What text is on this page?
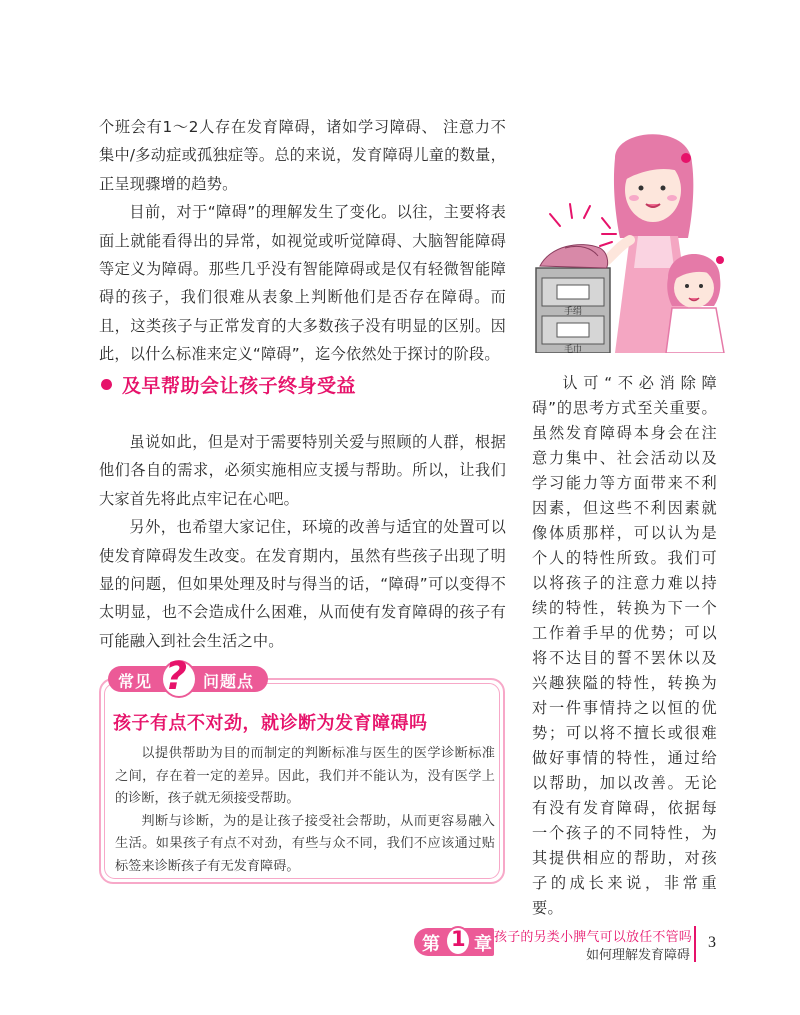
个班会有1～2人存在发育障碍，诸如学习障碍、 注意力不集中/多动症或孤独症等。总的来说，发育障碍儿童的数量，正呈现骤增的趋势。

目前，对于“障碍”的理解发生了变化。以往，主要将表面上就能看得出的异常，如视觉或听觉障碍、大脑智能障碍等定义为障碍。那些几乎没有智能障碍或是仅有轻微智能障碍的孩子，我们很难从表象上判断他们是否存在障碍。而且，这类孩子与正常发育的大多数孩子没有明显的区别。因此，以什么标准来定义“障碍”，迄今依然处于探讨的阶段。

手绢
毛巾
及早帮助会让孩子终身受益

虽说如此，但是对于需要特别关爱与照顾的人群，根据他们各自的需求，必须实施相应支援与帮助。所以，让我们大家首先将此点牢记在心吧。

另外，也希望大家记住，环境的改善与适宜的处置可以使发育障碍发生改变。在发育期内，虽然有些孩子出现了明显的问题，但如果处理及时与得当的话，“障碍”可以变得不太明显，也不会造成什么困难，从而使有发育障碍的孩子有可能融入到社会生活之中。

认可“不必消除障碍”的思考方式至关重要。虽然发育障碍本身会在注意力集中、社会活动以及学习能力等方面带来不利因素，但这些不利因素就像体质那样，可以认为是个人的特性所致。我们可以将孩子的注意力难以持续的特性，转换为下一个工作着手早的优势；可以将不达目的誓不罢休以及兴趣狭隘的特性，转换为对一件事情持之以恒的优势；可以将不擅长或很难做好事情的特性，通过给以帮助，加以改善。无论有没有发育障碍，依据每一个孩子的不同特性，为其提供相应的帮助，对孩子的成长来说，非常重要。

常见 ? 问题点
孩子有点不对劲，就诊断为发育障碍吗

以提供帮助为目的而制定的判断标准与医生的医学诊断标准之间，存在着一定的差异。因此，我们并不能认为，没有医学上的诊断，孩子就无须接受帮助。

判断与诊断，为的是让孩子接受社会帮助，从而更容易融入生活。如果孩子有点不对劲，有些与众不同，我们不应该通过贴标签来诊断孩子有无发育障碍。

第 1 章 孩子的另类小脾气可以放任不管吗
如何理解发育障碍
3
